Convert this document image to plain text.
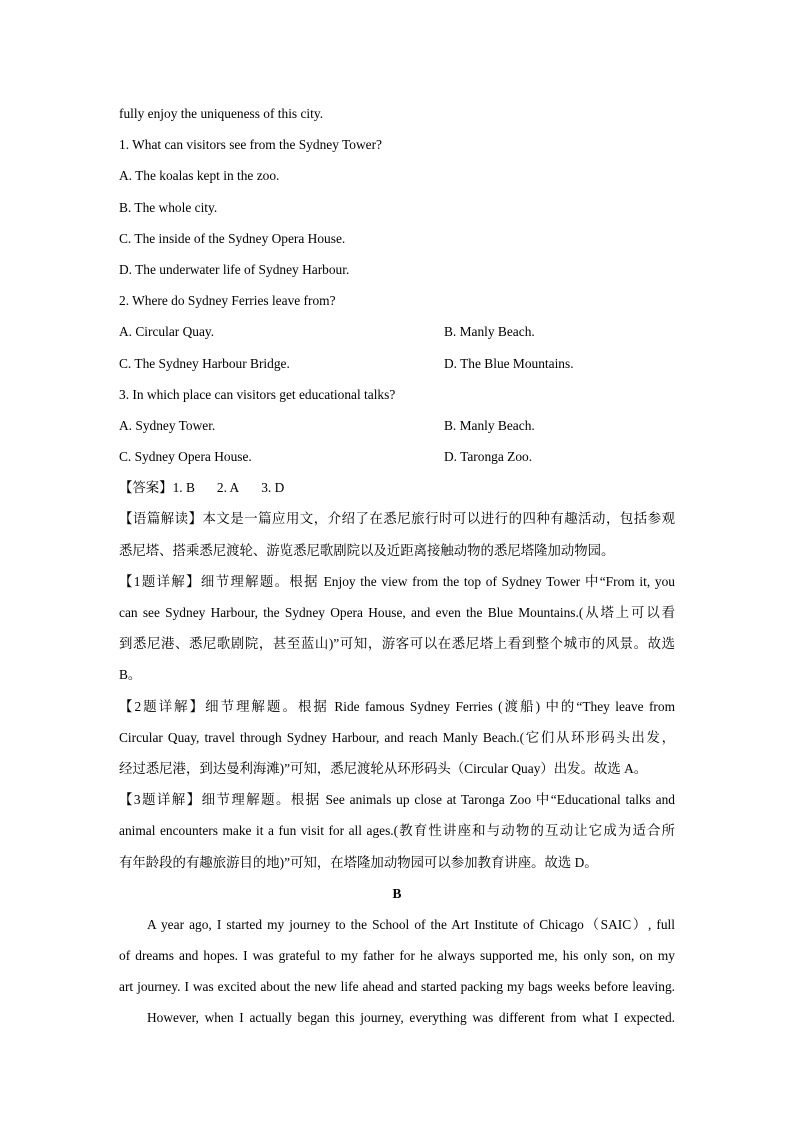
fully enjoy the uniqueness of this city.
1. What can visitors see from the Sydney Tower?
A. The koalas kept in the zoo.
B. The whole city.
C. The inside of the Sydney Opera House.
D. The underwater life of Sydney Harbour.
2. Where do Sydney Ferries leave from?
A. Circular Quay.	B. Manly Beach.
C. The Sydney Harbour Bridge.	D. The Blue Mountains.
3. In which place can visitors get educational talks?
A. Sydney Tower.	B. Manly Beach.
C. Sydney Opera House.	D. Taronga Zoo.
【答案】1. B 2. A 3. D
【语篇解读】本文是一篇应用文，介绍了在悉尼旅行时可以进行的四种有趣活动，包括参观
悉尼塔、搭乘悉尼渡轮、游览悉尼歌剧院以及近距离接触动物的悉尼塔隆加动物园。
【1题详解】细节理解题。根据 Enjoy the view from the top of Sydney Tower 中“From it, you
can see Sydney Harbour, the Sydney Opera House, and even the Blue Mountains.(从塔上可以看
到悉尼港、悉尼歌剧院，甚至蓝山)”可知，游客可以在悉尼塔上看到整个城市的风景。故选
B。
【2题详解】细节理解题。根据 Ride famous Sydney Ferries (渡船) 中的“They leave from
Circular Quay, travel through Sydney Harbour, and reach Manly Beach.(它们从环形码头出发，
经过悉尼港，到达曼利海滩)”可知，悉尼渡轮从环形码头（Circular Quay）出发。故选 A。
【3题详解】细节理解题。根据 See animals up close at Taronga Zoo 中“Educational talks and
animal encounters make it a fun visit for all ages.(教育性讲座和与动物的互动让它成为适合所
有年龄段的有趣旅游目的地)”可知，在塔隆加动物园可以参加教育讲座。故选 D。
B
A year ago, I started my journey to the School of the Art Institute of Chicago（SAIC）, full
of dreams and hopes. I was grateful to my father for he always supported me, his only son, on my
art journey. I was excited about the new life ahead and started packing my bags weeks before leaving.
However, when I actually began this journey, everything was different from what I expected.
